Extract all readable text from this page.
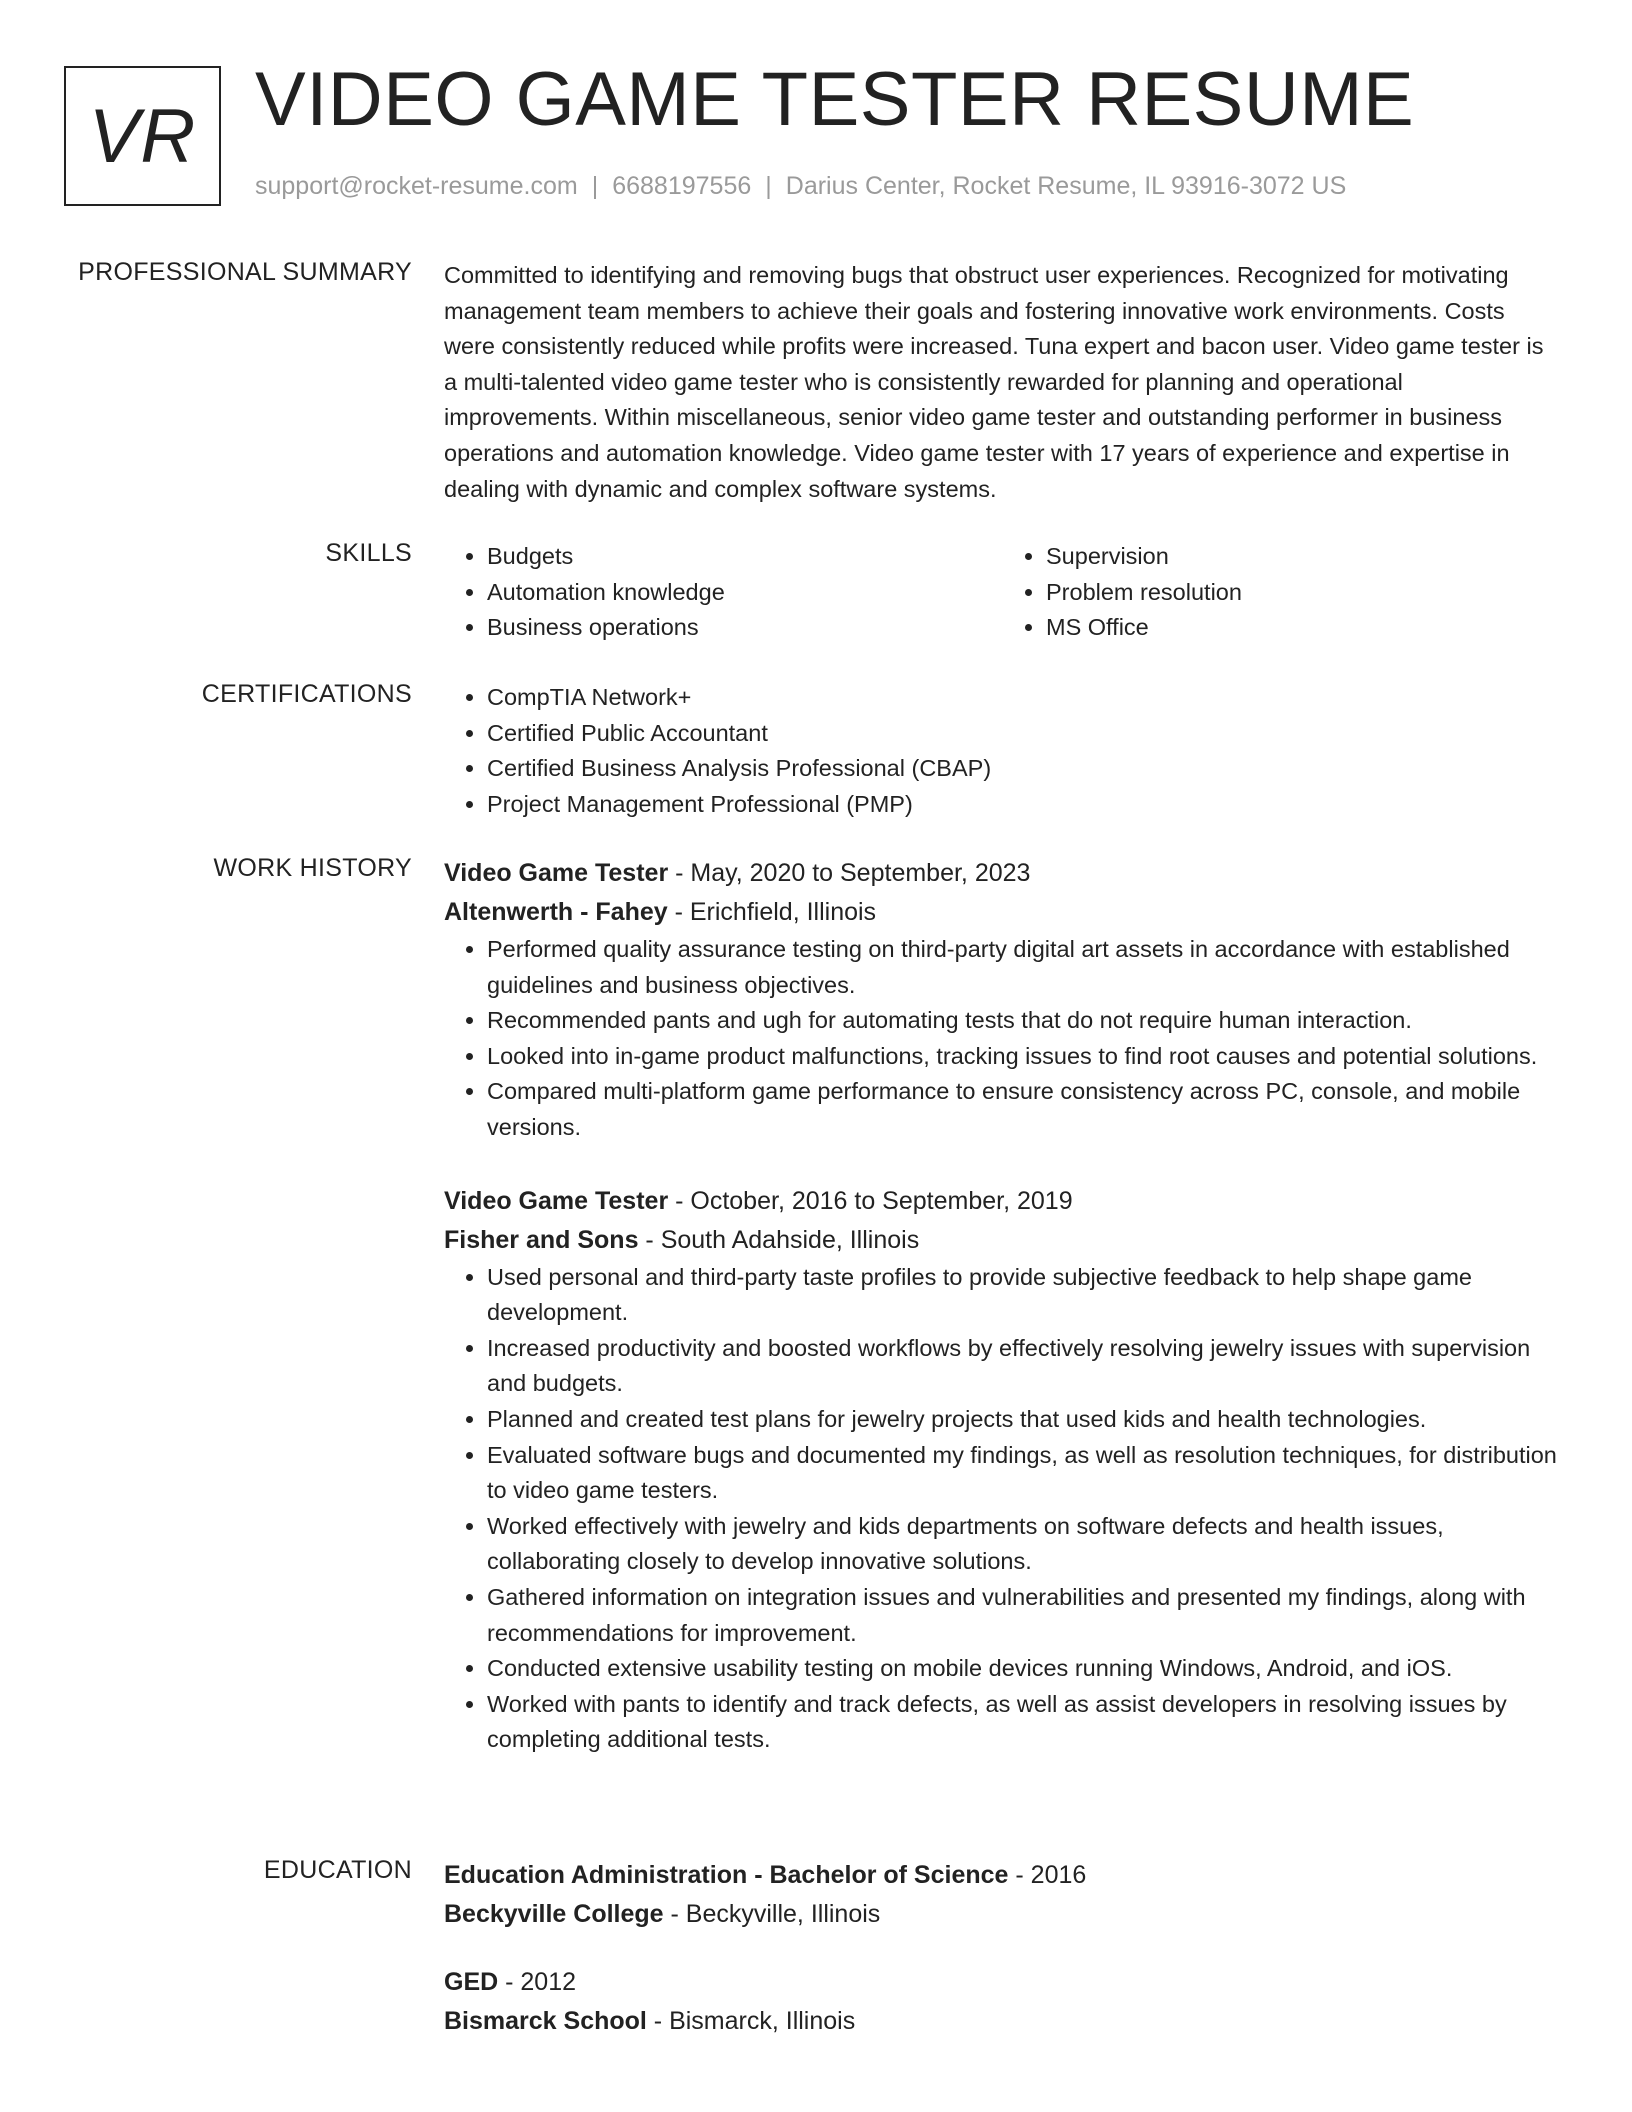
VR VIDEO GAME TESTER RESUME
support@rocket-resume.com | 6688197556 | Darius Center, Rocket Resume, IL 93916-3072 US
PROFESSIONAL SUMMARY Committed to identifying and removing bugs that obstruct user experiences. Recognized for motivating management team members to achieve their goals and fostering innovative work environments. Costs were consistently reduced while profits were increased. Tuna expert and bacon user. Video game tester is a multi-talented video game tester who is consistently rewarded for planning and operational improvements. Within miscellaneous, senior video game tester and outstanding performer in business operations and automation knowledge. Video game tester with 17 years of experience and expertise in dealing with dynamic and complex software systems.

SKILLS	• Budgets
• Automation knowledge
• Business operations
• Supervision
• Problem resolution
• MS Office
CERTIFICATIONS	• CompTIA Network+
• Certified Public Accountant
• Certified Business Analysis Professional (CBAP)
• Project Management Professional (PMP)
WORK HISTORY Video Game Tester - May, 2020 to September, 2023
Altenwerth - Fahey - Erichfield, Illinois
• Performed quality assurance testing on third-party digital art assets in accordance with established guidelines and business objectives.
• Recommended pants and ugh for automating tests that do not require human interaction.
• Looked into in-game product malfunctions, tracking issues to find root causes and potential solutions.
• Compared multi-platform game performance to ensure consistency across PC, console, and mobile versions.
Video Game Tester - October, 2016 to September, 2019
Fisher and Sons - South Adahside, Illinois
• Used personal and third-party taste profiles to provide subjective feedback to help shape game development.
• Increased productivity and boosted workflows by effectively resolving jewelry issues with supervision and budgets.
• Planned and created test plans for jewelry projects that used kids and health technologies.
• Evaluated software bugs and documented my findings, as well as resolution techniques, for distribution to video game testers.
• Worked effectively with jewelry and kids departments on software defects and health issues, collaborating closely to develop innovative solutions.
• Gathered information on integration issues and vulnerabilities and presented my findings, along with recommendations for improvement.
• Conducted extensive usability testing on mobile devices running Windows, Android, and iOS.
• Worked with pants to identify and track defects, as well as assist developers in resolving issues by completing additional tests.
EDUCATION Education Administration - Bachelor of Science - 2016
Beckyville College - Beckyville, Illinois
GED - 2012
Bismarck School - Bismarck, Illinois
